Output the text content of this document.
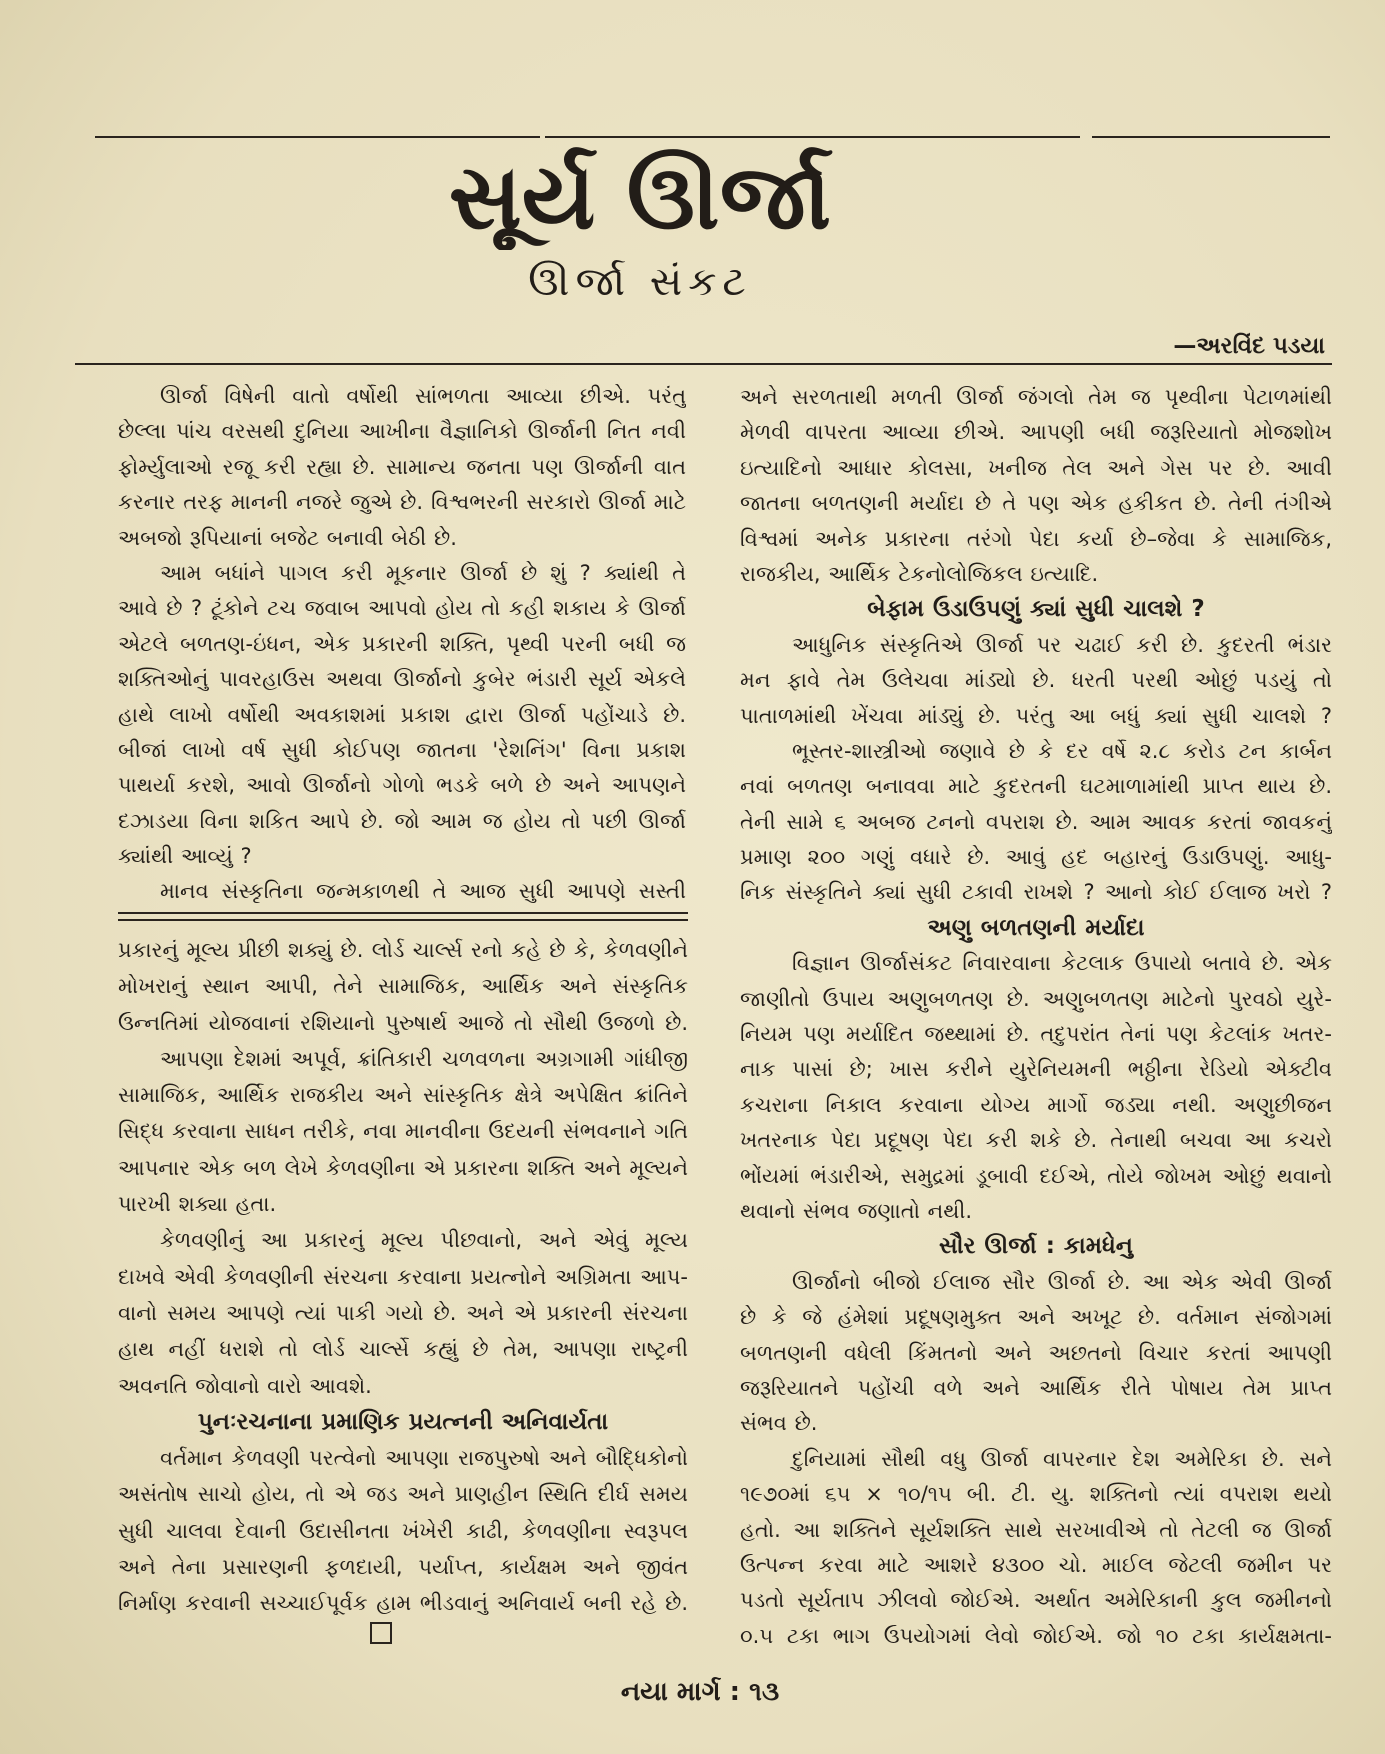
સૂર્ય ઊર્જા
ઊર્જા સંકટ
—અરવિંદ પડયા
ઊર્જા વિષેની વાતો વર્ષોથી સાંભળતા આવ્યા છીએ. પરંતુ
છેલ્લા પાંચ વરસથી દુનિયા આખીના વૈજ્ઞાનિકો ઊર્જાની નિત નવી
ફોર્મ્યુલાઓ રજૂ કરી રહ્યા છે. સામાન્ય જનતા પણ ઊર્જાની વાત
કરનાર તરફ માનની નજરે જુએ છે. વિશ્વભરની સરકારો ઊર્જા માટે
અબજો રૂપિયાનાં બજેટ બનાવી બેઠી છે.
આમ બધાંને પાગલ કરી મૂકનાર ઊર્જા છે શું ? ક્યાંથી તે
આવે છે ? ટૂંકોને ટચ જવાબ આપવો હોય તો કહી શકાય કે ઊર્જા
એટલે બળતણ-ઇંધન, એક પ્રકારની શક્તિ, પૃથ્વી પરની બધી જ
શક્તિઓનું પાવરહાઉસ અથવા ઊર્જાનો કુબેર ભંડારી સૂર્ય એકલે
હાથે લાખો વર્ષોથી અવકાશમાં પ્રકાશ દ્વારા ઊર્જા પહોંચાડે છે.
બીજાં લાખો વર્ષ સુધી કોઈપણ જાતના 'રેશનિંગ' વિના પ્રકાશ
પાથર્યા કરશે, આવો ઊર્જાનો ગોળો ભડકે બળે છે અને આપણને
દઝાડયા વિના શકિત આપે છે. જો આમ જ હોય તો પછી ઊર્જા
ક્યાંથી આવ્યું ?
માનવ સંસ્કૃતિના જન્મકાળથી તે આજ સુધી આપણે સસ્તી
પ્રકારનું મૂલ્ય પ્રીછી શક્યું છે. લોર્ડ ચાર્લ્સ રનો કહે છે કે, કેળવણીને
મોખરાનું સ્થાન આપી, તેને સામાજિક, આર્થિક અને સંસ્કૃતિક
ઉન્નતિમાં યોજવાનાં રશિયાનો પુરુષાર્થ આજે તો સૌથી ઉજળો છે.
આપણા દેશમાં અપૂર્વ, ક્રાંતિકારી ચળવળના અગ્રગામી ગાંધીજી
સામાજિક, આર્થિક રાજકીય અને સાંસ્કૃતિક ક્ષેત્રે અપેક્ષિત ક્રાંતિને
સિદ્ધ કરવાના સાધન તરીકે, નવા માનવીના ઉદયની સંભવનાને ગતિ
આપનાર એક બળ લેખે કેળવણીના એ પ્રકારના શક્તિ અને મૂલ્યને
પારખી શક્યા હતા.
કેળવણીનું આ પ્રકારનું મૂલ્ય પીછવાનો, અને એવું મૂલ્ય
દાખવે એવી કેળવણીની સંરચના કરવાના પ્રયત્નોને અગ્રિમતા આપ-
વાનો સમય આપણે ત્યાં પાકી ગયો છે. અને એ પ્રકારની સંરચના
હાથ નહીં ધરાશે તો લોર્ડ ચાર્લ્સે કહ્યું છે તેમ, આપણા રાષ્ટ્રની
અવનતિ જોવાનો વારો આવશે.
પુનઃરચનાના પ્રમાણિક પ્રયત્નની અનિવાર્યતા
વર્તમાન કેળવણી પરત્વેનો આપણા રાજપુરુષો અને બૌદ્ધિકોનો
અસંતોષ સાચો હોય, તો એ જડ અને પ્રાણહીન સ્થિતિ દીર્ઘ સમય
સુધી ચાલવા દેવાની ઉદાસીનતા ખંખેરી કાઢી, કેળવણીના સ્વરૂપલ
અને તેના પ્રસારણની ફળદાયી, પર્યાપ્ત, કાર્યક્ષમ અને જીવંત
નિર્માણ કરવાની સચ્ચાઈપૂર્વક હામ ભીડવાનું અનિવાર્ય બની રહે છે.
અને સરળતાથી મળતી ઊર્જા જંગલો તેમ જ પૃથ્વીના પેટાળમાંથી
મેળવી વાપરતા આવ્યા છીએ. આપણી બધી જરૂરિયાતો મોજશોખ
ઇત્યાદિનો આધાર કોલસા, ખનીજ તેલ અને ગેસ પર છે. આવી
જાતના બળતણની મર્યાદા છે તે પણ એક હકીકત છે. તેની તંગીએ
વિશ્વમાં અનેક પ્રકારના તરંગો પેદા કર્યા છે–જેવા કે સામાજિક,
રાજકીય, આર્થિક ટેકનોલોજિકલ ઇત્યાદિ.
બેફામ ઉડાઉપણું ક્યાં સુધી ચાલશે ?
આધુનિક સંસ્કૃતિએ ઊર્જા પર ચઢાઈ કરી છે. કુદરતી ભંડાર
મન ફાવે તેમ ઉલેચવા માંડ્યો છે. ધરતી પરથી ઓછું પડયું તો
પાતાળમાંથી ખેંચવા માંડ્યું છે. પરંતુ આ બધું ક્યાં સુધી ચાલશે ?
ભૂસ્તર-શાસ્ત્રીઓ જણાવે છે કે દર વર્ષે ૨.૮ કરોડ ટન કાર્બન
નવાં બળતણ બનાવવા માટે કુદરતની ઘટમાળામાંથી પ્રાપ્ત થાય છે.
તેની સામે ૬ અબજ ટનનો વપરાશ છે. આમ આવક કરતાં જાવકનું
પ્રમાણ ૨૦૦ ગણું વધારે છે. આવું હદ બહારનું ઉડાઉપણું. આધુ-
નિક સંસ્કૃતિને ક્યાં સુધી ટકાવી રાખશે ? આનો કોઈ ઈલાજ ખરો ?
અણુ બળતણની મર્યાદા
વિજ્ઞાન ઊર્જાસંકટ નિવારવાના કેટલાક ઉપાયો બતાવે છે. એક
જાણીતો ઉપાય અણુબળતણ છે. અણુબળતણ માટેનો પુરવઠો યુરે-
નિયમ પણ મર્યાદિત જથ્થામાં છે. તદુપરાંત તેનાં પણ કેટલાંક ખતર-
નાક પાસાં છે; ખાસ કરીને યુરેનિયમની ભઠ્ઠીના રેડિયો એક્ટીવ
કચરાના નિકાલ કરવાના યોગ્ય માર્ગો જડ્યા નથી. અણુછીજન
ખતરનાક પેદા પ્રદૂષણ પેદા કરી શકે છે. તેનાથી બચવા આ કચરો
ભોંયમાં ભંડારીએ, સમુદ્રમાં ડૂબાવી દઈએ, તોયે જોખમ ઓછું થવાનો
થવાનો સંભવ જણાતો નથી.
સૌર ઊર્જા : કામધેનુ
ઊર્જાનો બીજો ઈલાજ સૌર ઊર્જા છે. આ એક એવી ઊર્જા
છે કે જે હંમેશાં પ્રદૂષણમુક્ત અને અખૂટ છે. વર્તમાન સંજોગમાં
બળતણની વધેલી કિંમતનો અને અછતનો વિચાર કરતાં આપણી
જરૂરિયાતને પહોંચી વળે અને આર્થિક રીતે પોષાય તેમ પ્રાપ્ત
સંભવ છે.
દુનિયામાં સૌથી વધુ ઊર્જા વાપરનાર દેશ અમેરિકા છે. સને
૧૯૭૦માં ૬૫ × ૧૦/૧૫ બી. ટી. યુ. શક્તિનો ત્યાં વપરાશ થયો
હતો. આ શક્તિને સૂર્યશક્તિ સાથે સરખાવીએ તો તેટલી જ ઊર્જા
ઉત્પન્ન કરવા માટે આશરે ૪૩૦૦ ચો. માઈલ જેટલી જમીન પર
પડતો સૂર્યતાપ ઝીલવો જોઈએ. અર્થાત અમેરિકાની કુલ જમીનનો
૦.૫ ટકા ભાગ ઉપયોગમાં લેવો જોઈએ. જો ૧૦ ટકા કાર્યક્ષમતા-
નયા માર્ગ : ૧૩
